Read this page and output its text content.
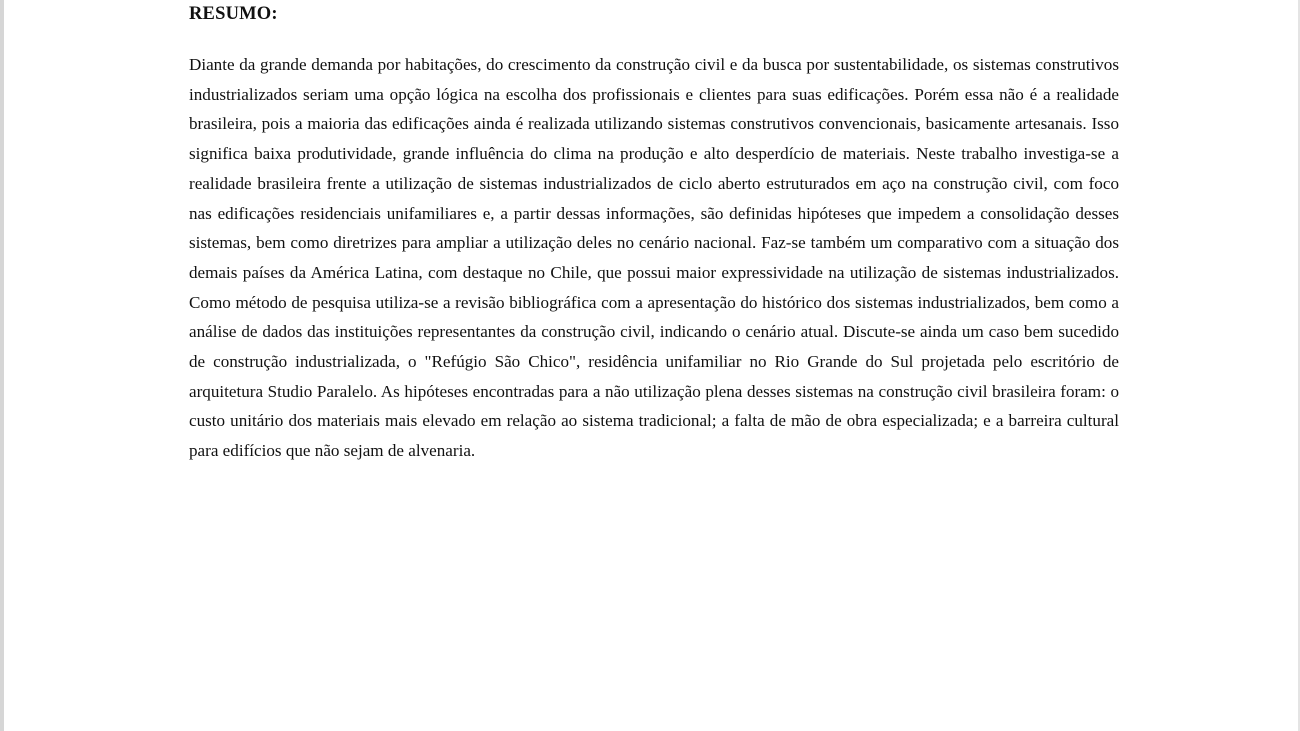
RESUMO:

Diante da grande demanda por habitações, do crescimento da construção civil e da busca por sustentabilidade, os sistemas construtivos industrializados seriam uma opção lógica na escolha dos profissionais e clientes para suas edificações. Porém essa não é a realidade brasileira, pois a maioria das edificações ainda é realizada utilizando sistemas construtivos convencionais, basicamente artesanais. Isso significa baixa produtividade, grande influência do clima na produção e alto desperdício de materiais. Neste trabalho investiga-se a realidade brasileira frente a utilização de sistemas industrializados de ciclo aberto estruturados em aço na construção civil, com foco nas edificações residenciais unifamiliares e, a partir dessas informações, são definidas hipóteses que impedem a consolidação desses sistemas, bem como diretrizes para ampliar a utilização deles no cenário nacional. Faz-se também um comparativo com a situação dos demais países da América Latina, com destaque no Chile, que possui maior expressividade na utilização de sistemas industrializados. Como método de pesquisa utiliza-se a revisão bibliográfica com a apresentação do histórico dos sistemas industrializados, bem como a análise de dados das instituições representantes da construção civil, indicando o cenário atual. Discute-se ainda um caso bem sucedido de construção industrializada, o "Refúgio São Chico", residência unifamiliar no Rio Grande do Sul projetada pelo escritório de arquitetura Studio Paralelo. As hipóteses encontradas para a não utilização plena desses sistemas na construção civil brasileira foram: o custo unitário dos materiais mais elevado em relação ao sistema tradicional; a falta de mão de obra especializada; e a barreira cultural para edifícios que não sejam de alvenaria.
